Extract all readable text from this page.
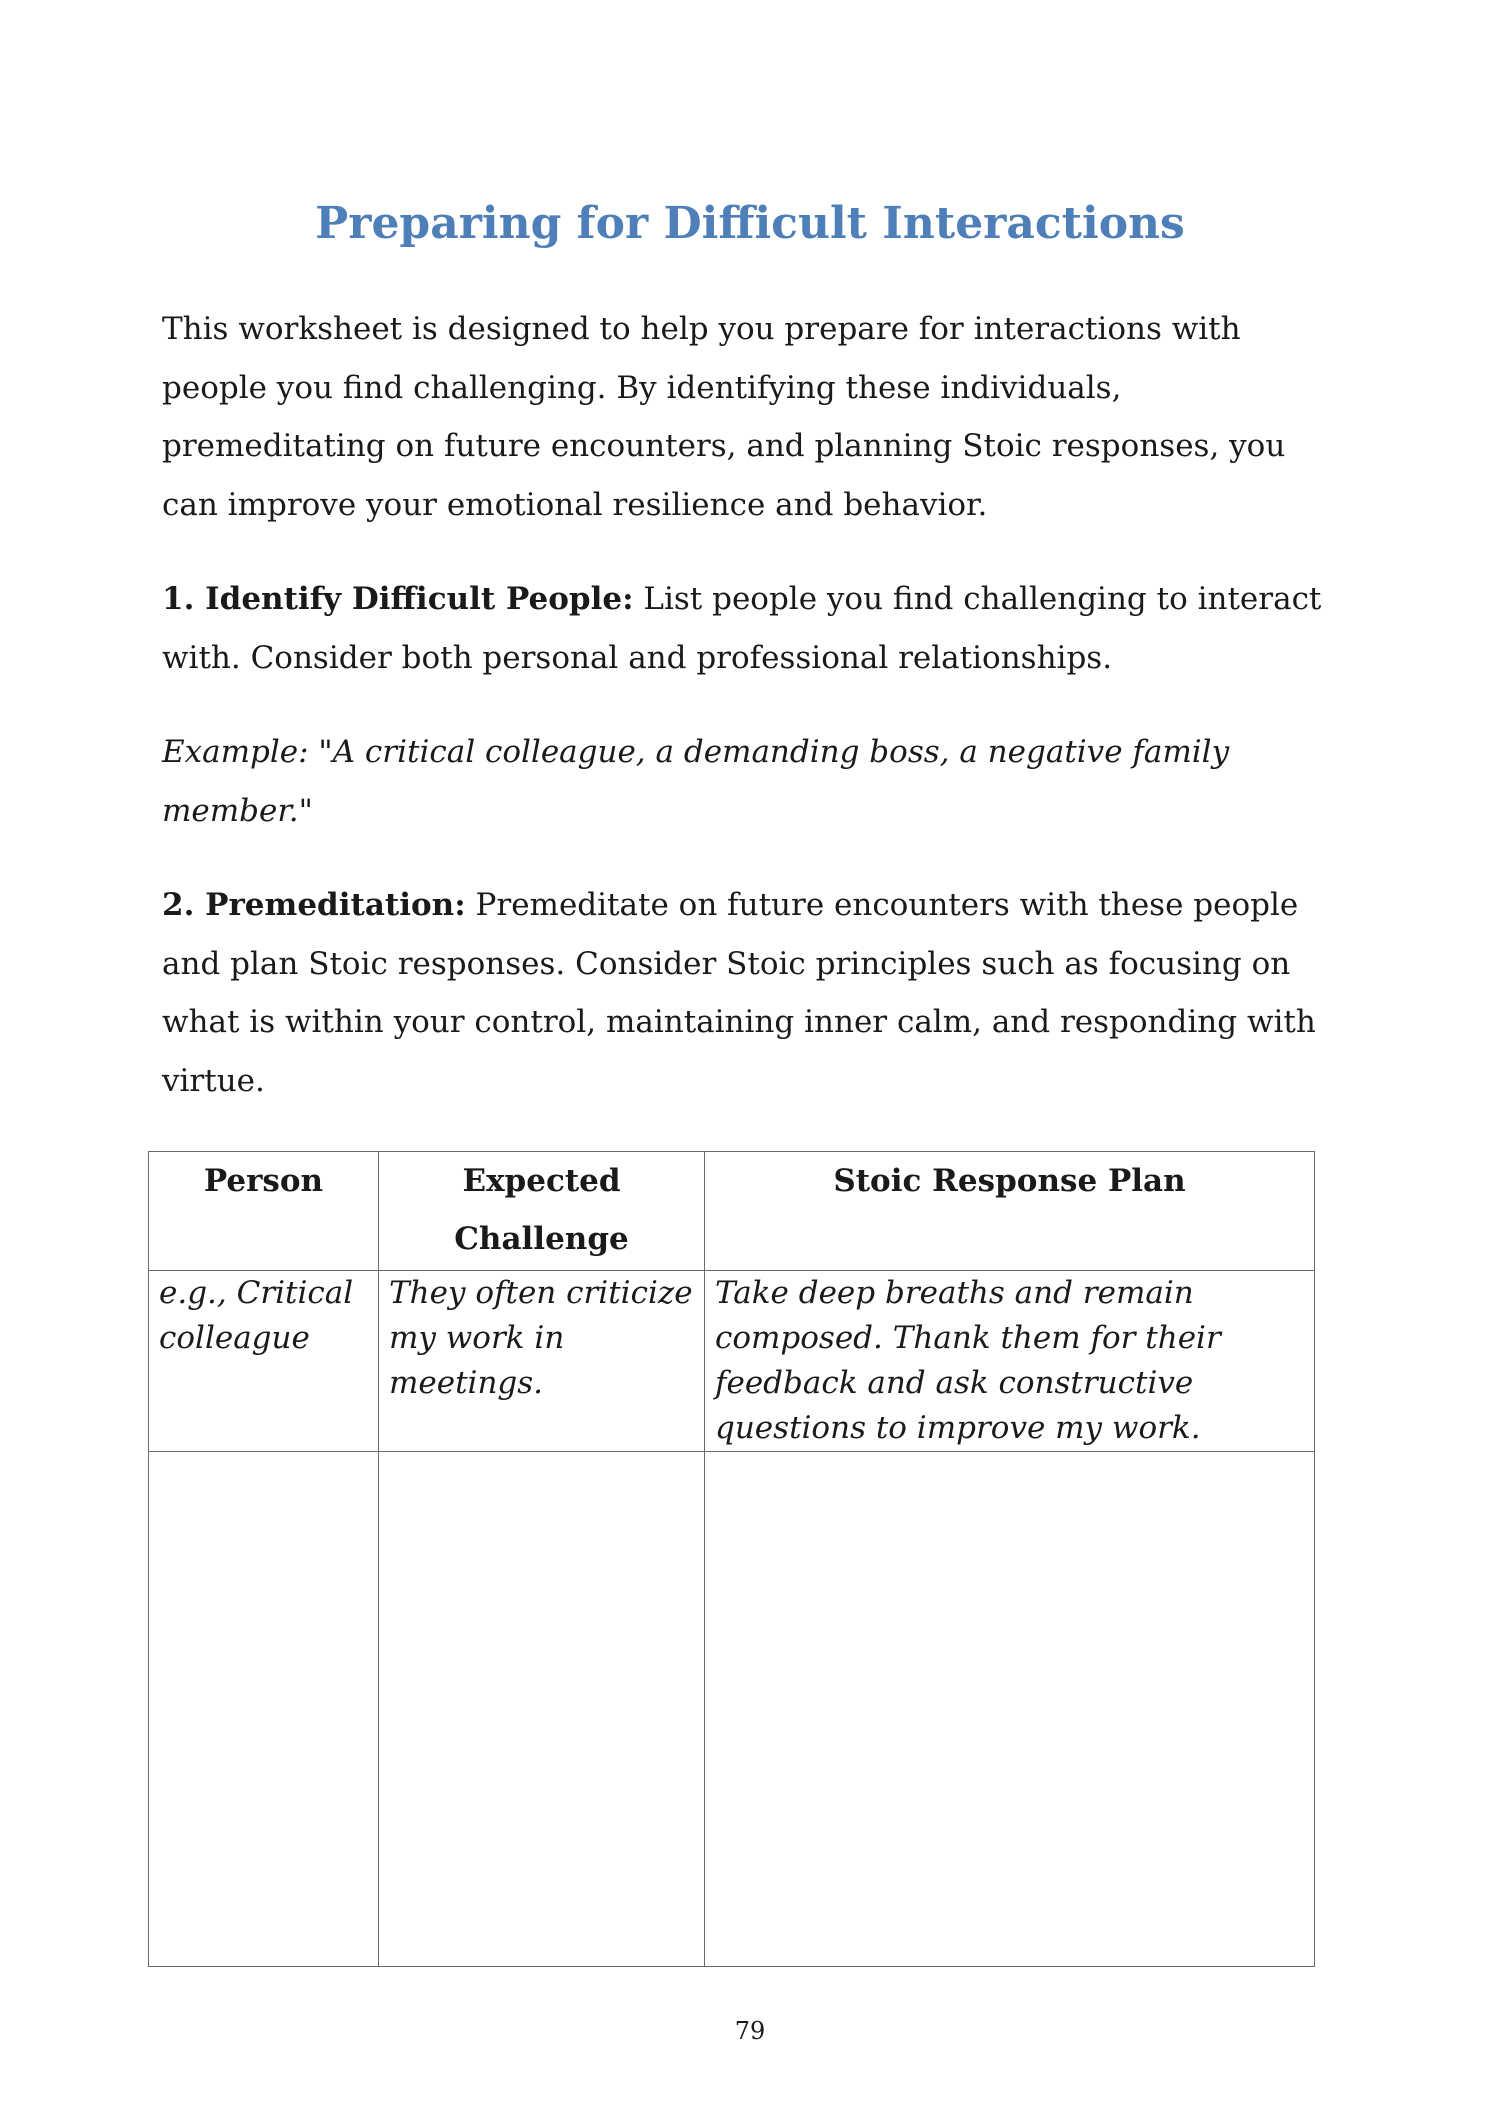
Preparing for Difficult Interactions

This worksheet is designed to help you prepare for interactions with people you find challenging. By identifying these individuals, premeditating on future encounters, and planning Stoic responses, you can improve your emotional resilience and behavior.

1. Identify Difficult People: List people you find challenging to interact with. Consider both personal and professional relationships.

Example: "A critical colleague, a demanding boss, a negative family member."

2. Premeditation: Premeditate on future encounters with these people and plan Stoic responses. Consider Stoic principles such as focusing on what is within your control, maintaining inner calm, and responding with virtue.

Person	Expected Challenge	Stoic Response Plan
e.g., Critical colleague	They often criticize my work in meetings.	Take deep breaths and remain composed. Thank them for their feedback and ask constructive questions to improve my work.

79
